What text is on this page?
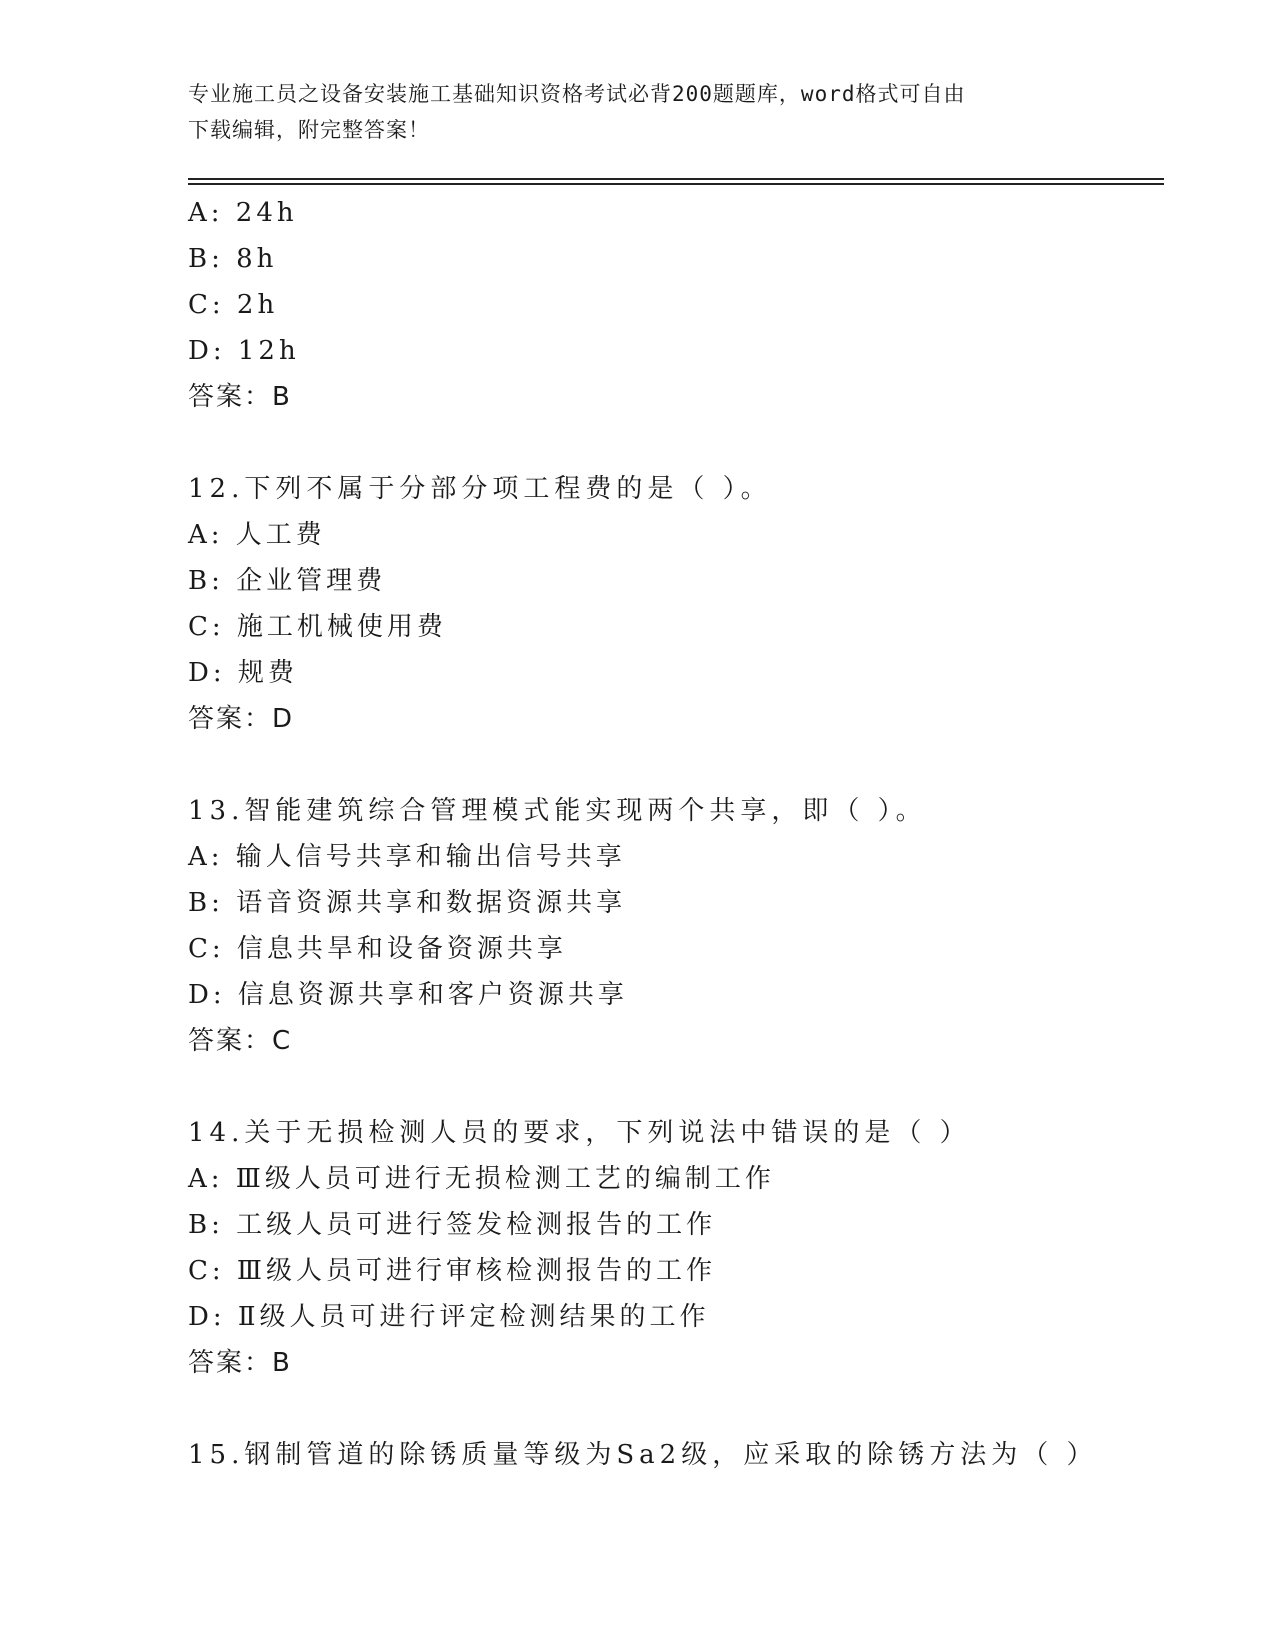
专业施工员之设备安装施工基础知识资格考试必背200题题库，word格式可自由
下载编辑，附完整答案！
A: 24h
B: 8h
C: 2h
D: 12h
答案：B
12.下列不属于分部分项工程费的是（ ）。
A: 人工费
B: 企业管理费
C: 施工机械使用费
D: 规费
答案：D
13.智能建筑综合管理模式能实现两个共享，即（ ）。
A: 输人信号共享和输出信号共享
B: 语音资源共享和数据资源共享
C: 信息共旱和设备资源共享
D: 信息资源共享和客户资源共享
答案：C
14.关于无损检测人员的要求，下列说法中错误的是（ ）
A: Ⅲ级人员可进行无损检测工艺的编制工作
B: 工级人员可进行签发检测报告的工作
C: Ⅲ级人员可进行审核检测报告的工作
D: Ⅱ级人员可进行评定检测结果的工作
答案：B
15.钢制管道的除锈质量等级为Sa2级，应采取的除锈方法为（ ）
